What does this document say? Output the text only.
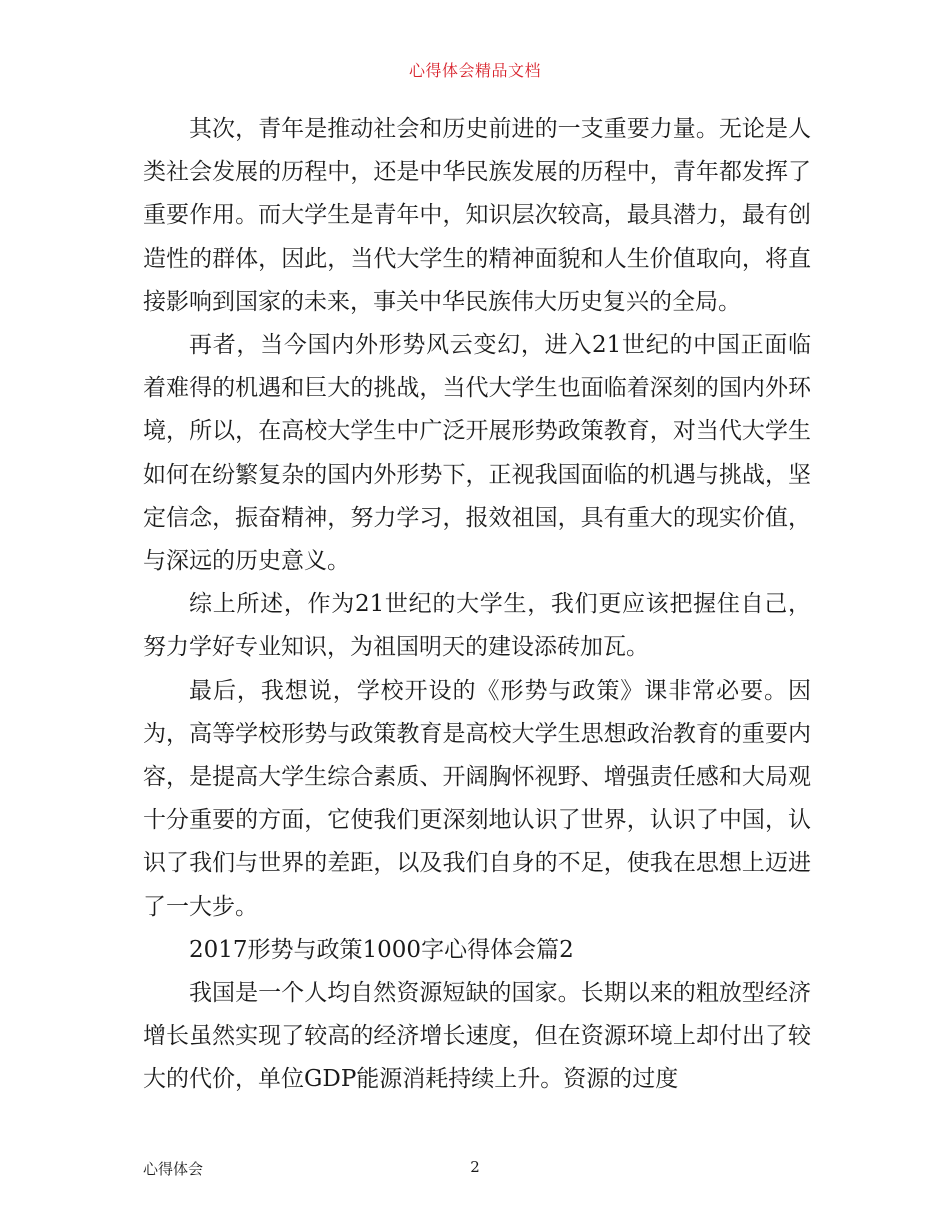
心得体会精品文档

其次，青年是推动社会和历史前进的一支重要力量。无论是人类社会发展的历程中，还是中华民族发展的历程中，青年都发挥了重要作用。而大学生是青年中，知识层次较高，最具潜力，最有创造性的群体，因此，当代大学生的精神面貌和人生价值取向，将直接影响到国家的未来，事关中华民族伟大历史复兴的全局。

再者，当今国内外形势风云变幻，进入21世纪的中国正面临着难得的机遇和巨大的挑战，当代大学生也面临着深刻的国内外环境，所以，在高校大学生中广泛开展形势政策教育，对当代大学生如何在纷繁复杂的国内外形势下，正视我国面临的机遇与挑战，坚定信念，振奋精神，努力学习，报效祖国，具有重大的现实价值，与深远的历史意义。

综上所述，作为21世纪的大学生，我们更应该把握住自己，努力学好专业知识，为祖国明天的建设添砖加瓦。

最后，我想说，学校开设的《形势与政策》课非常必要。因为，高等学校形势与政策教育是高校大学生思想政治教育的重要内容，是提高大学生综合素质、开阔胸怀视野、增强责任感和大局观十分重要的方面，它使我们更深刻地认识了世界，认识了中国，认识了我们与世界的差距，以及我们自身的不足，使我在思想上迈进了一大步。

2017形势与政策1000字心得体会篇2

我国是一个人均自然资源短缺的国家。长期以来的粗放型经济增长虽然实现了较高的经济增长速度，但在资源环境上却付出了较大的代价，单位GDP能源消耗持续上升。资源的过度

心得体会	2
